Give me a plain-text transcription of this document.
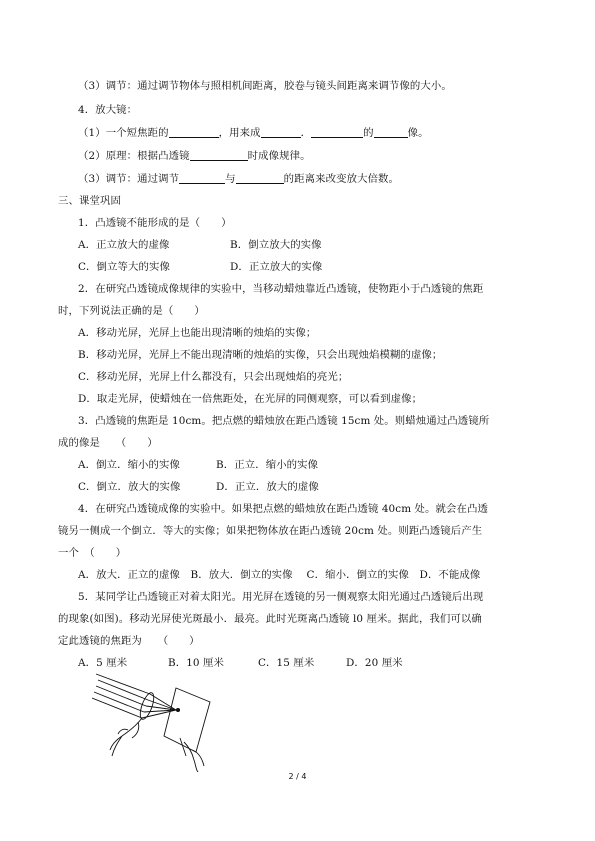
（3）调节：通过调节物体与照相机间距离，胶卷与镜头间距离来调节像的大小。
4．放大镜：
（1）一个短焦距的	，用来成	．	的	像。
（2）原理：根据凸透镜	时成像规律。
（3）调节：通过调节	与	的距离来改变放大倍数。
三、课堂巩固
1．凸透镜不能形成的是（　　）
A．正立放大的虚像	B．倒立放大的实像
C．倒立等大的实像	D．正立放大的实像
2．在研究凸透镜成像规律的实验中，当移动蜡烛靠近凸透镜，使物距小于凸透镜的焦距
时，下列说法正确的是（　　）
A．移动光屏，光屏上也能出现清晰的烛焰的实像；
B．移动光屏，光屏上不能出现清晰的烛焰的实像，只会出现烛焰模糊的虚像；
C．移动光屏，光屏上什么都没有，只会出现烛焰的亮光；
D．取走光屏，使蜡烛在一倍焦距处，在光屏的同侧观察，可以看到虚像；
3．凸透镜的焦距是 10cm。把点燃的蜡烛放在距凸透镜 15cm 处。则蜡烛通过凸透镜所
成的像是　　（　　）
A．倒立．缩小的实像	B．正立．缩小的实像
C．倒立．放大的实像	D．正立．放大的虚像
4．在研究凸透镜成像的实验中。如果把点燃的蜡烛放在距凸透镜 40cm 处。就会在凸透
镜另一侧成一个倒立．等大的实像；如果把物体放在距凸透镜 20cm 处。则距凸透镜后产生
一个　（　　）
A．放大．正立的虚像　B．放大．倒立的实像　 C．缩小．倒立的实像　D．不能成像
5．某同学让凸透镜正对着太阳光。用光屏在透镜的另一侧观察太阳光通过凸透镜后出现
的现象(如图)。移动光屏使光斑最小．最亮。此时光斑离凸透镜 l0 厘米。据此，我们可以确
定此透镜的焦距为　　（　　）
A．5 厘米	B．10 厘米	C．15 厘米	D．20 厘米
2 / 4
